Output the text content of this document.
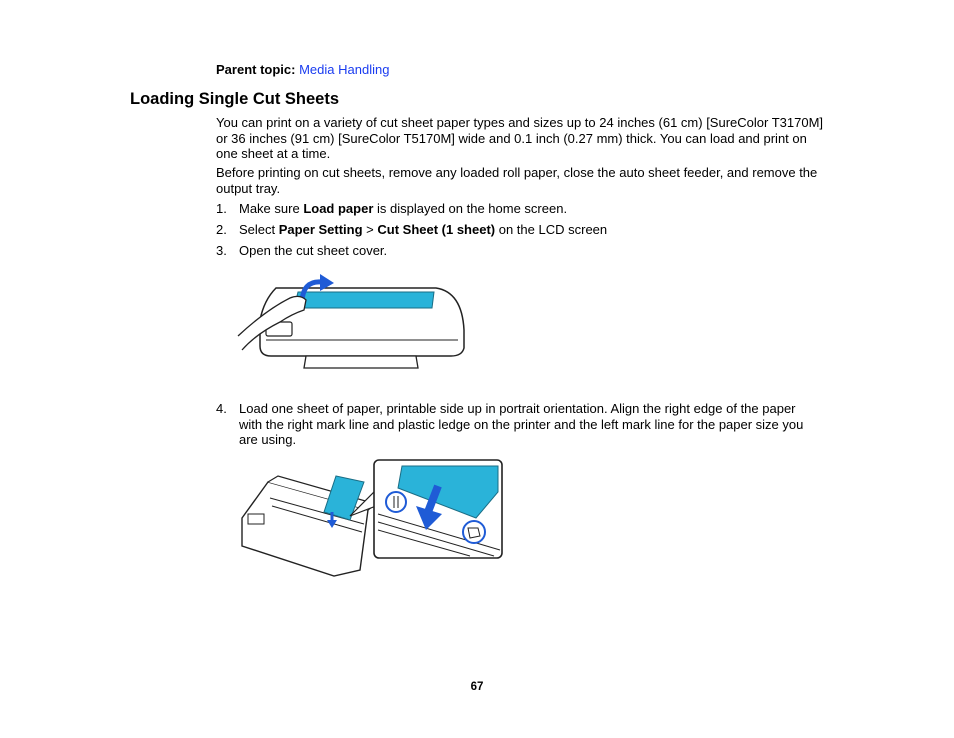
Parent topic: Media Handling
Loading Single Cut Sheets

You can print on a variety of cut sheet paper types and sizes up to 24 inches (61 cm) [SureColor T3170M] or 36 inches (91 cm) [SureColor T5170M] wide and 0.1 inch (0.27 mm) thick. You can load and print on one sheet at a time.

Before printing on cut sheets, remove any loaded roll paper, close the auto sheet feeder, and remove the output tray.

1. Make sure Load paper is displayed on the home screen.
2. Select Paper Setting > Cut Sheet (1 sheet) on the LCD screen
3. Open the cut sheet cover.
4. Load one sheet of paper, printable side up in portrait orientation. Align the right edge of the paper with the right mark line and plastic ledge on the printer and the left mark line for the paper size you are using.
67
